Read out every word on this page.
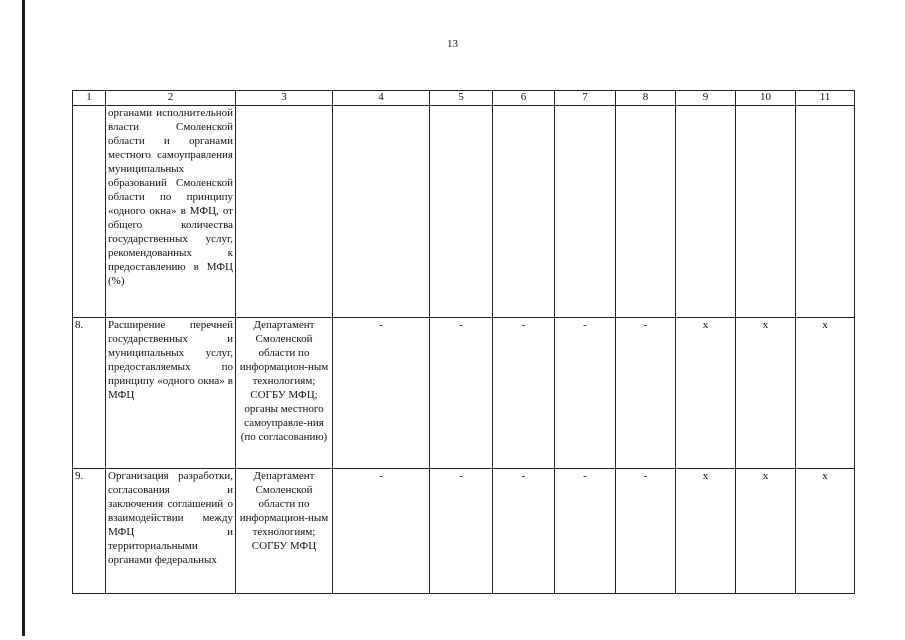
13
1	2	3	4	5	6	7	8	9	10	11
	органами исполнительной власти Смоленской области и органами местного самоуправления муниципальных образований Смоленской области по принципу «одного окна» в МФЦ, от общего количества государственных услуг, рекомендованных к предоставлению в МФЦ (%)									
8.	Расширение перечней государственных и муниципальных услуг, предоставляемых по принципу «одного окна» в МФЦ	Департамент Смоленской области по информацион-ным технологиям; СОГБУ МФЦ; органы местного самоуправле-ния (по согласованию)	-	-	-	-	-	x	x	x
9.	Организация разработки, согласования и заключения соглашений о взаимодействии между МФЦ и территориальными органами федеральных	Департамент Смоленской области по информацион-ным технологиям; СОГБУ МФЦ	-	-	-	-	-	x	x	x
